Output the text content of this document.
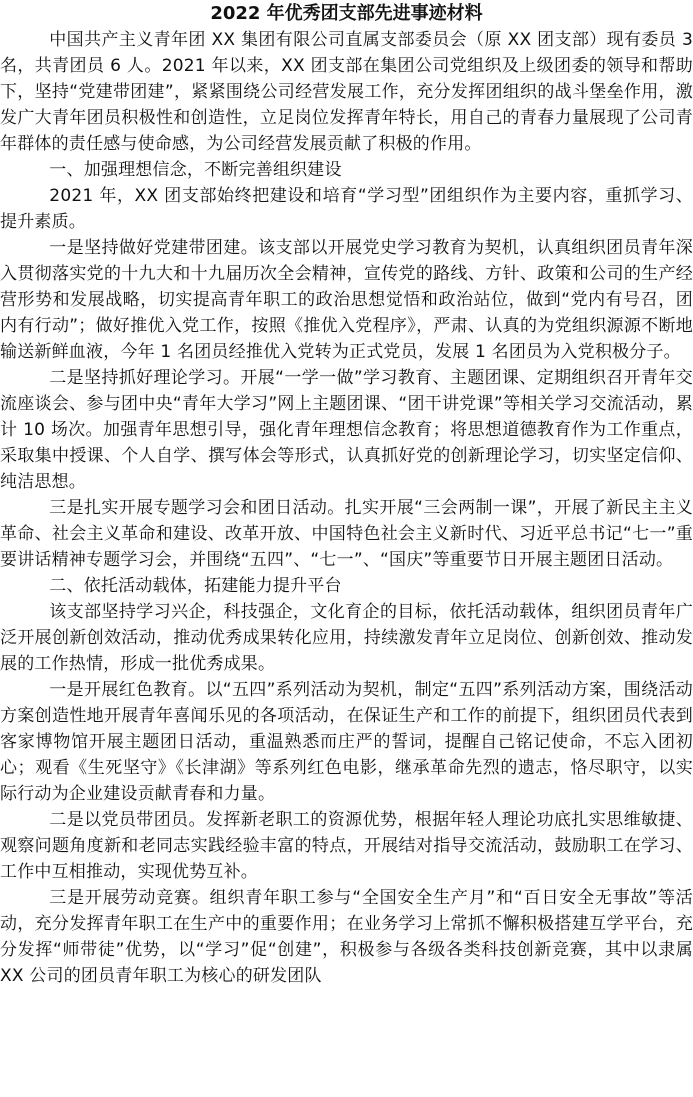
2022 年优秀团支部先进事迹材料

中国共产主义青年团 XX 集团有限公司直属支部委员会（原 XX 团支部）现有委员 3 名，共青团员 6 人。2021 年以来，XX 团支部在集团公司党组织及上级团委的领导和帮助下，坚持“党建带团建”，紧紧围绕公司经营发展工作，充分发挥团组织的战斗堡垒作用，激发广大青年团员积极性和创造性，立足岗位发挥青年特长，用自己的青春力量展现了公司青年群体的责任感与使命感，为公司经营发展贡献了积极的作用。

一、加强理想信念，不断完善组织建设

2021 年，XX 团支部始终把建设和培育“学习型”团组织作为主要内容，重抓学习、提升素质。

一是坚持做好党建带团建。该支部以开展党史学习教育为契机，认真组织团员青年深入贯彻落实党的十九大和十九届历次全会精神，宣传党的路线、方针、政策和公司的生产经营形势和发展战略，切实提高青年职工的政治思想觉悟和政治站位，做到“党内有号召，团内有行动”；做好推优入党工作，按照《推优入党程序》，严肃、认真的为党组织源源不断地输送新鲜血液，今年 1 名团员经推优入党转为正式党员，发展 1 名团员为入党积极分子。

二是坚持抓好理论学习。开展“一学一做”学习教育、主题团课、定期组织召开青年交流座谈会、参与团中央“青年大学习”网上主题团课、“团干讲党课”等相关学习交流活动，累计 10 场次。加强青年思想引导，强化青年理想信念教育；将思想道德教育作为工作重点，采取集中授课、个人自学、撰写体会等形式，认真抓好党的创新理论学习，切实坚定信仰、纯洁思想。

三是扎实开展专题学习会和团日活动。扎实开展“三会两制一课”，开展了新民主主义革命、社会主义革命和建设、改革开放、中国特色社会主义新时代、习近平总书记“七一”重要讲话精神专题学习会，并围绕“五四”、“七一”、“国庆”等重要节日开展主题团日活动。

二、依托活动载体，拓建能力提升平台

该支部坚持学习兴企，科技强企，文化育企的目标，依托活动载体，组织团员青年广泛开展创新创效活动，推动优秀成果转化应用，持续激发青年立足岗位、创新创效、推动发展的工作热情，形成一批优秀成果。

一是开展红色教育。以“五四”系列活动为契机，制定“五四”系列活动方案，围绕活动方案创造性地开展青年喜闻乐见的各项活动，在保证生产和工作的前提下，组织团员代表到客家博物馆开展主题团日活动，重温熟悉而庄严的誓词，提醒自己铭记使命，不忘入团初心；观看《生死坚守》《长津湖》等系列红色电影，继承革命先烈的遗志，恪尽职守，以实际行动为企业建设贡献青春和力量。

二是以党员带团员。发挥新老职工的资源优势，根据年轻人理论功底扎实思维敏捷、观察问题角度新和老同志实践经验丰富的特点，开展结对指导交流活动，鼓励职工在学习、工作中互相推动，实现优势互补。

三是开展劳动竞赛。组织青年职工参与“全国安全生产月”和“百日安全无事故”等活动，充分发挥青年职工在生产中的重要作用；在业务学习上常抓不懈积极搭建互学平台，充分发挥“师带徒”优势，以“学习”促“创建”，积极参与各级各类科技创新竞赛，其中以隶属 XX 公司的团员青年职工为核心的研发团队
